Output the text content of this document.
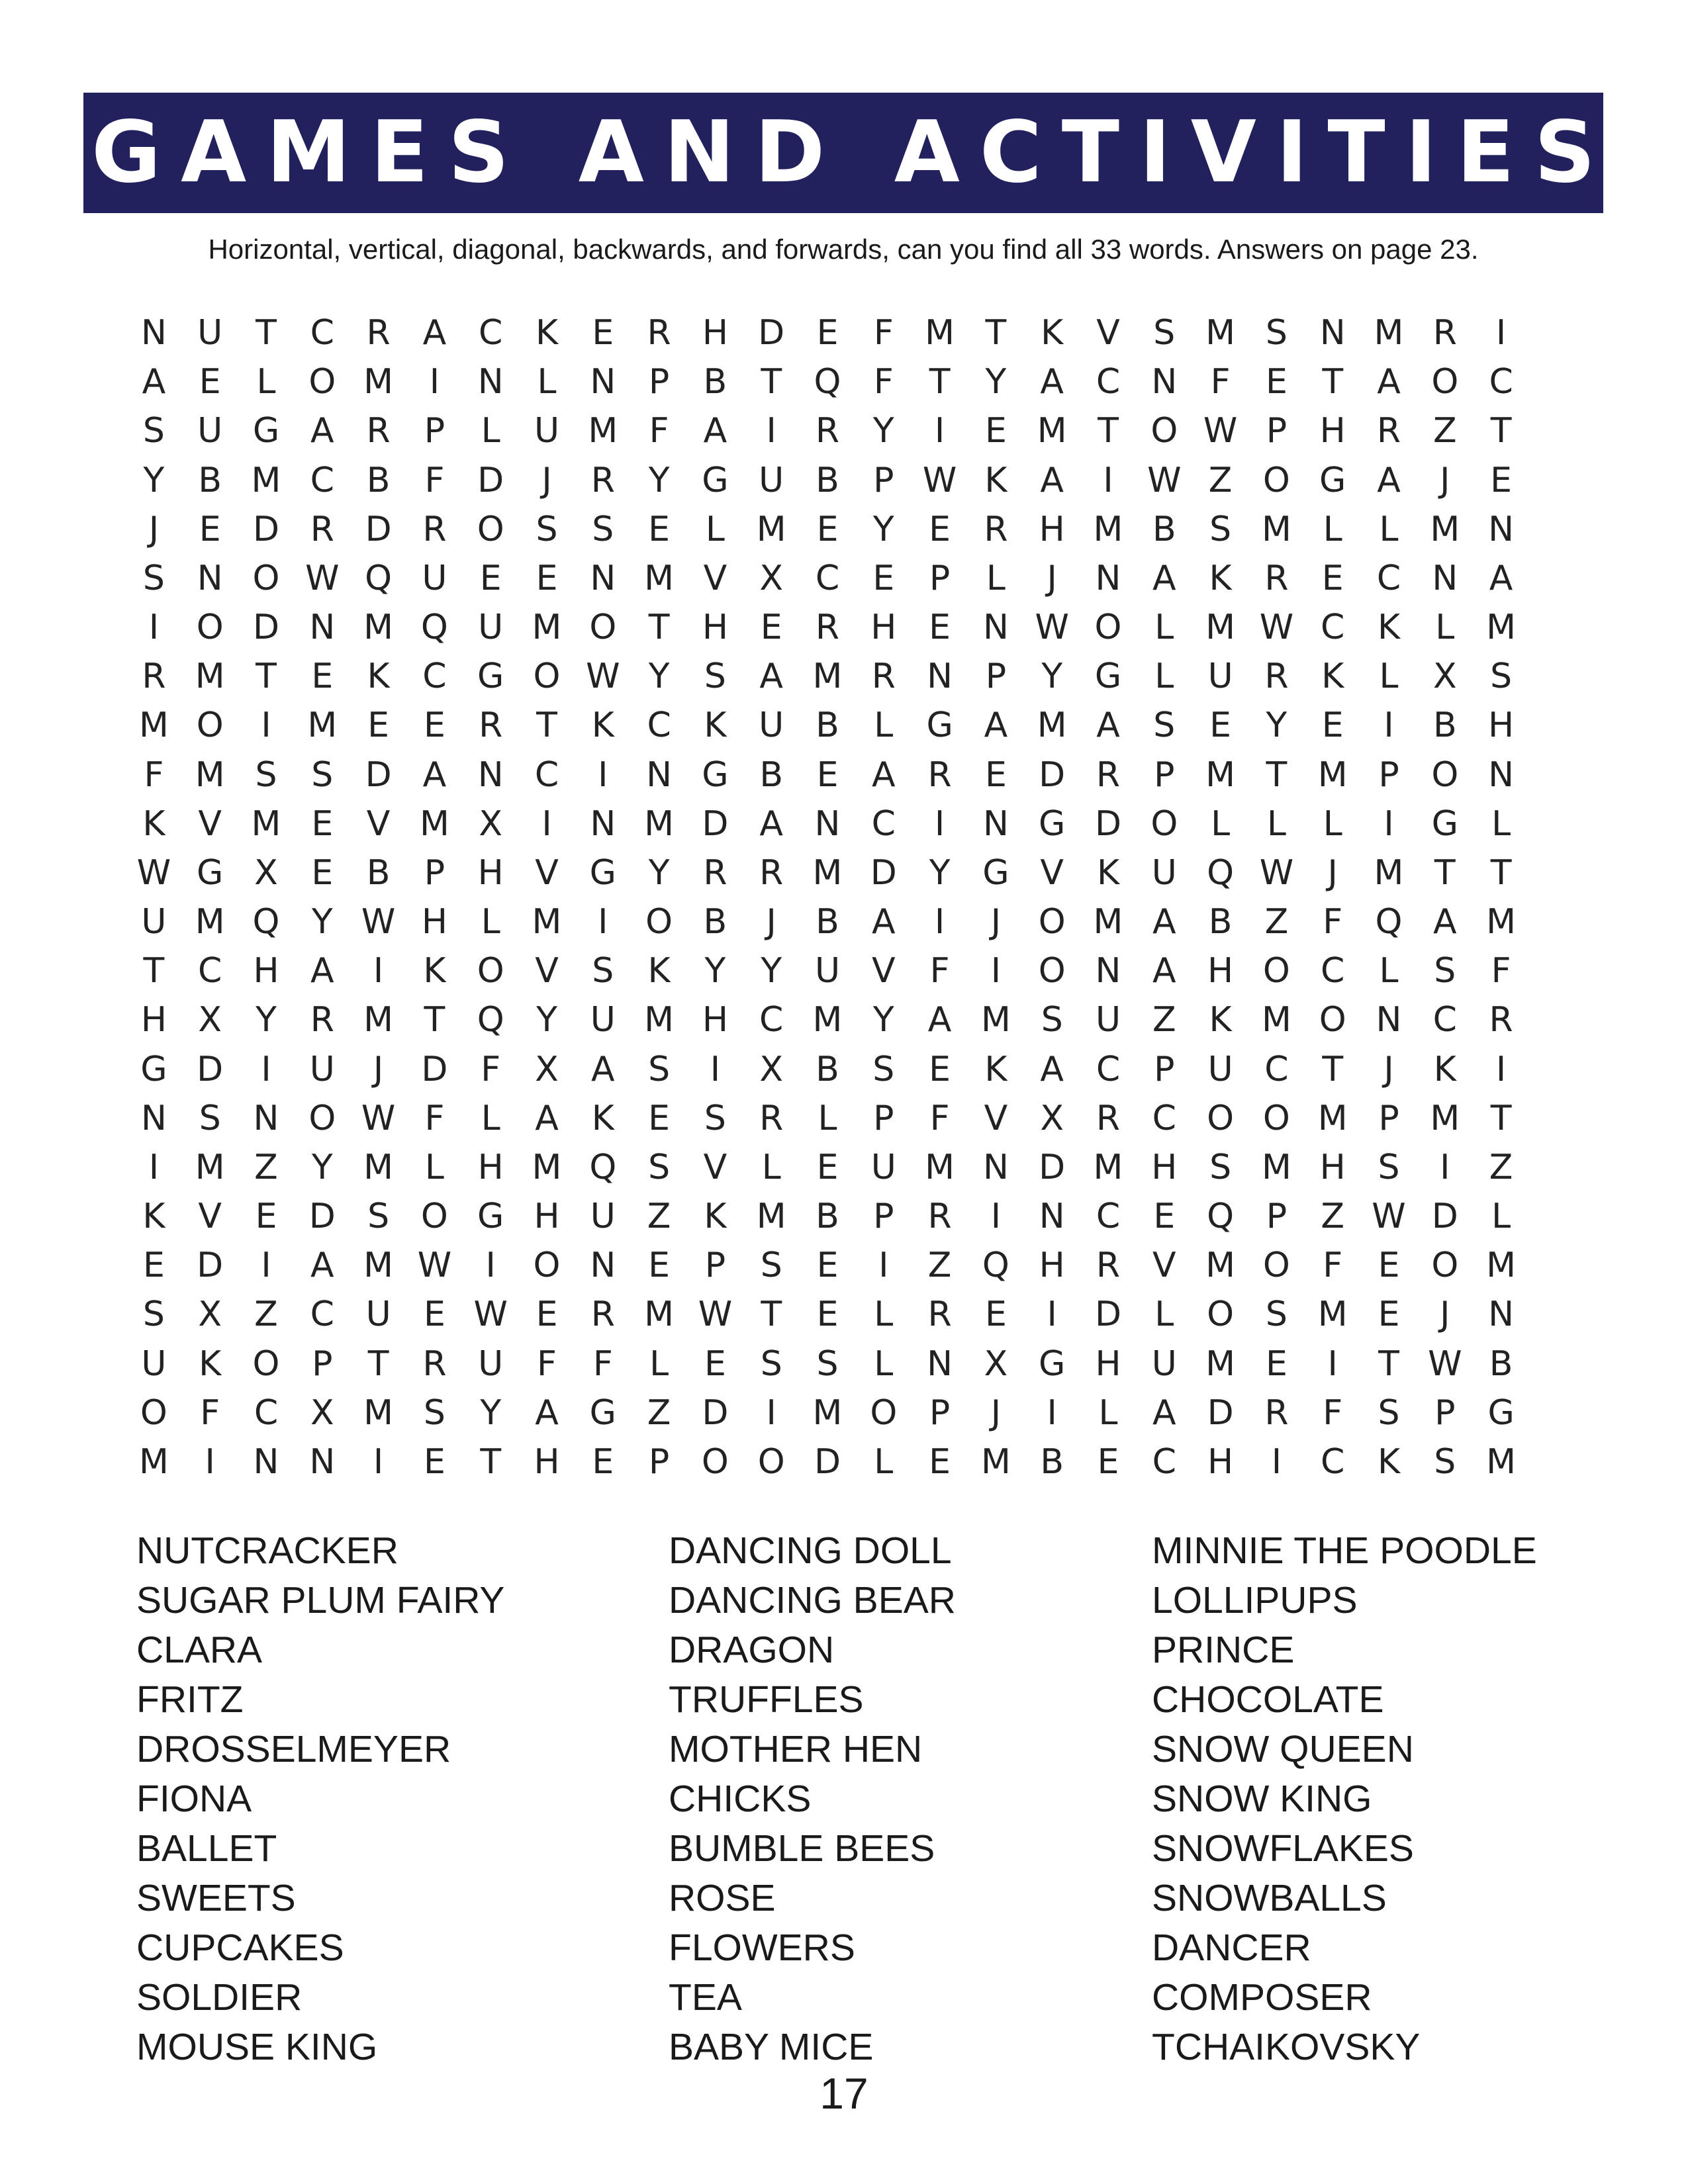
GAMES AND ACTIVITIES
Horizontal, vertical, diagonal, backwards, and forwards, can you find all 33 words. Answers on page 23.
N U T C R A C K E R H D E	F M T K V S M S N M R	I
A E	L O M	I	N L N P B T Q F	T	Y A C N F	E	T A O C
S U G A R P	L U M F	A	I	R Y	I	E M T O W P H R Z T
Y B M C B	F D	J	R Y G U B P W K A	I W Z O G A	J	E
J	E D R D R O S S E	L M E	Y	E R H M B S M L	L M N
S N O W Q U E E N M V X C E	P	L	J	N A K R E C N A
I	O D N M Q U M O T H E R H E N W O L M W C K	L M
R M T	E K C G O W Y	S A M R N P	Y G L U R K	L	X S
M O	I	M E E R T K C K U B	L G A M A S E	Y	E	I	B H
F M S S D A N C	I	N G B E A R E D R P M T M P O N
K V M E V M X	I	N M D A N C	I	N G D O L	L	L	I	G L
W G X E B P H V G Y R R M D Y G V K U Q W J	M T	T
U M Q Y W H L M	I	O B	J	B A	I	J	O M A B Z	F Q A M
T C H A	I	K O V S K Y	Y U V	F	I	O N A H O C	L	S	F
H X Y R M T Q Y U M H C M Y A M S U Z K M O N C R
G D	I	U	J	D F	X A S	I	X B S E K A C P U C T	J	K	I
N S N O W F	L	A K E S R	L	P	F	V X R C O O M P M T
I	M Z Y M L H M Q S V	L	E U M N D M H S M H S	I	Z
K V E D S O G H U Z K M B P R	I	N C E Q P Z W D L
E D	I	A M W I	O N E	P	S E	I	Z Q H R V M O F	E O M
S X Z C U E W E R M W T	E	L	R E	I	D L O S M E	J	N
U K O P	T R U F	F	L	E S S	L N X G H U M E	I	T W B
O F C X M S	Y A G Z D	I	M O P	J	I	L	A D R F	S	P G
M	I	N N	I	E	T H E	P O O D L	E M B E C H	I	C K S M
NUTCRACKER
SUGAR PLUM FAIRY
CLARA
FRITZ
DROSSELMEYER
FIONA
BALLET
SWEETS
CUPCAKES
SOLDIER
MOUSE KING
DANCING DOLL
DANCING BEAR
DRAGON
TRUFFLES
MOTHER HEN
CHICKS
BUMBLE BEES
ROSE
FLOWERS
TEA
BABY MICE
MINNIE THE POODLE
LOLLIPUPS
PRINCE
CHOCOLATE
SNOW QUEEN
SNOW KING
SNOWFLAKES
SNOWBALLS
DANCER
COMPOSER
TCHAIKOVSKY
17
